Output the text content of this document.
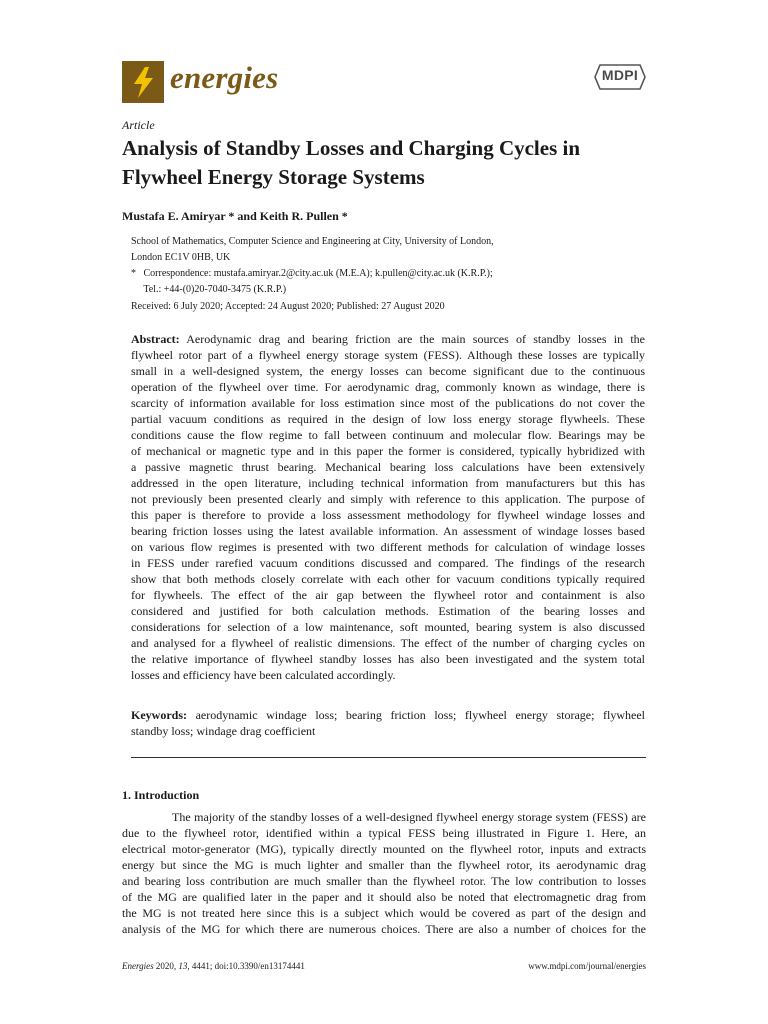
energies	MDPI
Article
Analysis of Standby Losses and Charging Cycles in
Flywheel Energy Storage Systems
Mustafa E. Amiryar * and Keith R. Pullen *
School of Mathematics, Computer Science and Engineering at City, University of London,
London EC1V 0HB, UK
*   Correspondence: mustafa.amiryar.2@city.ac.uk (M.E.A); k.pullen@city.ac.uk (K.R.P.);
Tel.: +44-(0)20-7040-3475 (K.R.P.)
Received: 6 July 2020; Accepted: 24 August 2020; Published: 27 August 2020
Abstract: Aerodynamic drag and bearing friction are the main sources of standby losses in the
flywheel rotor part of a flywheel energy storage system (FESS). Although these losses are typically
small in a well-designed system, the energy losses can become significant due to the continuous
operation of the flywheel over time. For aerodynamic drag, commonly known as windage, there is
scarcity of information available for loss estimation since most of the publications do not cover the
partial vacuum conditions as required in the design of low loss energy storage flywheels. These
conditions cause the flow regime to fall between continuum and molecular flow. Bearings may be
of mechanical or magnetic type and in this paper the former is considered, typically hybridized with
a passive magnetic thrust bearing. Mechanical bearing loss calculations have been extensively
addressed in the open literature, including technical information from manufacturers but this has
not previously been presented clearly and simply with reference to this application. The purpose of
this paper is therefore to provide a loss assessment methodology for flywheel windage losses and
bearing friction losses using the latest available information. An assessment of windage losses based
on various flow regimes is presented with two different methods for calculation of windage losses
in FESS under rarefied vacuum conditions discussed and compared. The findings of the research
show that both methods closely correlate with each other for vacuum conditions typically required
for flywheels. The effect of the air gap between the flywheel rotor and containment is also
considered and justified for both calculation methods. Estimation of the bearing losses and
considerations for selection of a low maintenance, soft mounted, bearing system is also discussed
and analysed for a flywheel of realistic dimensions. The effect of the number of charging cycles on
the relative importance of flywheel standby losses has also been investigated and the system total
losses and efficiency have been calculated accordingly.
Keywords: aerodynamic windage loss; bearing friction loss; flywheel energy storage; flywheel
standby loss; windage drag coefficient
1. Introduction
The majority of the standby losses of a well-designed flywheel energy storage system (FESS) are
due to the flywheel rotor, identified within a typical FESS being illustrated in Figure 1. Here, an
electrical motor-generator (MG), typically directly mounted on the flywheel rotor, inputs and extracts
energy but since the MG is much lighter and smaller than the flywheel rotor, its aerodynamic drag
and bearing loss contribution are much smaller than the flywheel rotor. The low contribution to losses
of the MG are qualified later in the paper and it should also be noted that electromagnetic drag from
the MG is not treated here since this is a subject which would be covered as part of the design and
analysis of the MG for which there are numerous choices. There are also a number of choices for the
Energies 2020, 13, 4441; doi:10.3390/en13174441	www.mdpi.com/journal/energies
